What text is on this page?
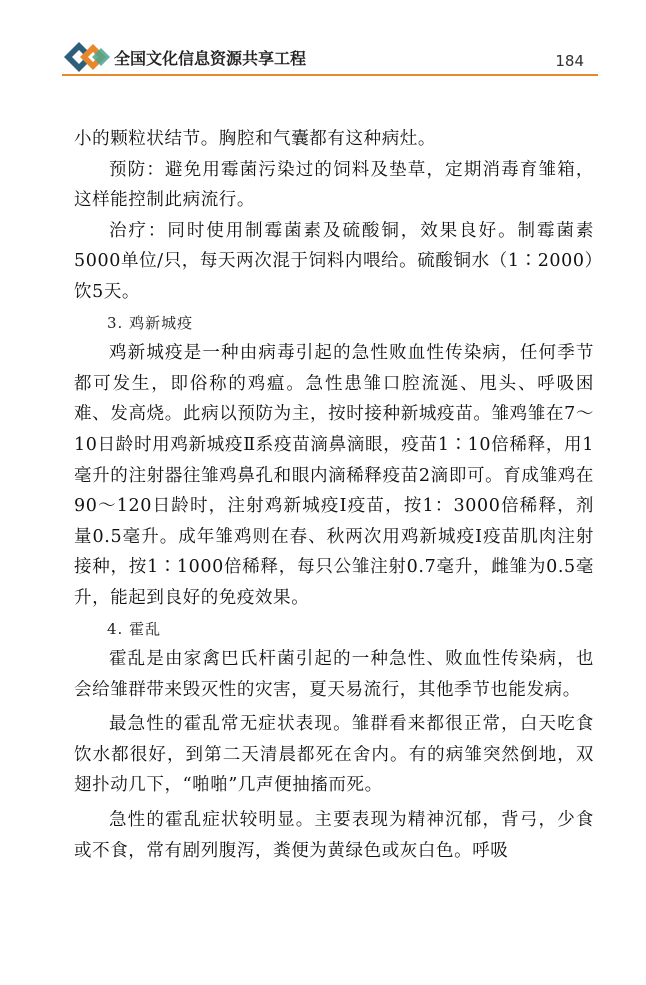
全国文化信息资源共享工程	184

小的颗粒状结节。胸腔和气囊都有这种病灶。

预防：避免用霉菌污染过的饲料及垫草，定期消毒育雏箱，这样能控制此病流行。

治疗：同时使用制霉菌素及硫酸铜，效果良好。制霉菌素5000单位/只，每天两次混于饲料内喂给。硫酸铜水（1∶2000）饮5天。

3. 鸡新城疫

鸡新城疫是一种由病毒引起的急性败血性传染病，任何季节都可发生，即俗称的鸡瘟。急性患雏口腔流涎、甩头、呼吸困难、发高烧。此病以预防为主，按时接种新城疫苗。雏鸡雏在7～10日龄时用鸡新城疫Ⅱ系疫苗滴鼻滴眼，疫苗1∶10倍稀释，用1毫升的注射器往雏鸡鼻孔和眼内滴稀释疫苗2滴即可。育成雏鸡在90～120日龄时，注射鸡新城疫Ⅰ疫苗，按1：3000倍稀释，剂量0.5毫升。成年雏鸡则在春、秋两次用鸡新城疫Ⅰ疫苗肌肉注射接种，按1∶1000倍稀释，每只公雏注射0.7毫升，雌雏为0.5毫升，能起到良好的免疫效果。

4. 霍乱

霍乱是由家禽巴氏杆菌引起的一种急性、败血性传染病，也会给雏群带来毁灭性的灾害，夏天易流行，其他季节也能发病。

最急性的霍乱常无症状表现。雏群看来都很正常，白天吃食饮水都很好，到第二天清晨都死在舍内。有的病雏突然倒地，双翅扑动几下，“啪啪”几声便抽搐而死。

急性的霍乱症状较明显。主要表现为精神沉郁，背弓，少食或不食，常有剧列腹泻，粪便为黄绿色或灰白色。呼吸
